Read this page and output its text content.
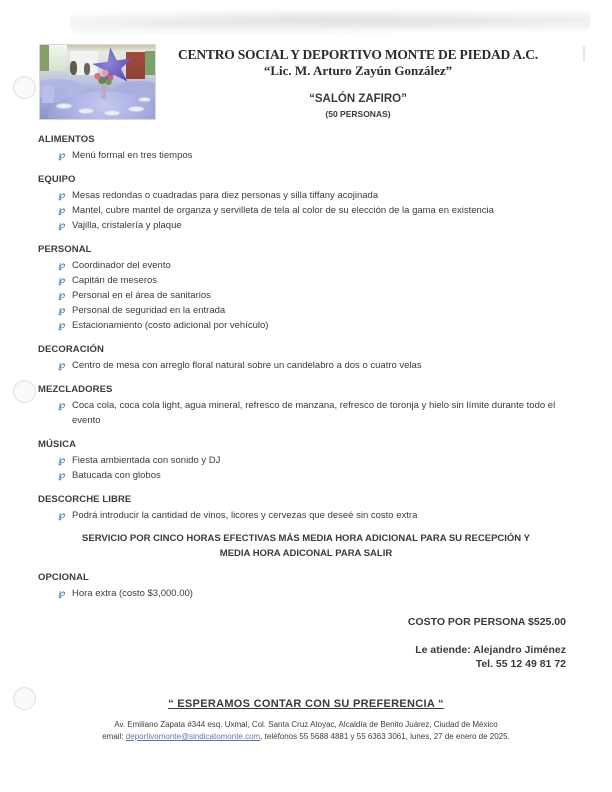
CENTRO SOCIAL Y DEPORTIVO MONTE DE PIEDAD A.C.
“Lic. M. Arturo Zayún González”
“SALÓN ZAFIRO”
(50 PERSONAS)
ALIMENTOS
℘ Menú formal en tres tiempos
EQUIPO
℘ Mesas redondas o cuadradas para diez personas y silla tiffany acojinada
℘ Mantel, cubre mantel de organza y servilleta de tela al color de su elección de la gama en existencia
℘ Vajilla, cristalería y plaque
PERSONAL
℘ Coordinador del evento
℘ Capitán de meseros
℘ Personal en el área de sanitarios
℘ Personal de seguridad en la entrada
℘ Estacionamiento (costo adicional por vehículo)
DECORACIÓN
℘ Centro de mesa con arreglo floral natural sobre un candelabro a dos o cuatro velas
MEZCLADORES
℘ Coca cola, coca cola light, agua mineral, refresco de manzana, refresco de toronja y hielo sin límite durante todo el evento
MÚSICA
℘ Fiesta ambientada con sonido y DJ
℘ Batucada con globos
DESCORCHE LIBRE
℘ Podrá introducir la cantidad de vinos, licores y cervezas que deseé sin costo extra
SERVICIO POR CINCO HORAS EFECTIVAS MÁS MEDIA HORA ADICIONAL PARA SU RECEPCIÓN Y
MEDIA HORA ADICONAL PARA SALIR
OPCIONAL
℘ Hora extra (costo $3,000.00)
COSTO POR PERSONA $525.00
Le atiende: Alejandro Jiménez
Tel. 55 12 49 81 72
“ ESPERAMOS CONTAR CON SU PREFERENCIA “
Av. Emiliano Zapata #344 esq. Uxmal, Col. Santa Cruz Atoyac, Alcaldía de Benito Juárez, Ciudad de México
email: deportivomonte@sindicatomonte.com, teléfonos 55 5688 4881 y 55 6363 3061, lunes, 27 de enero de 2025.
